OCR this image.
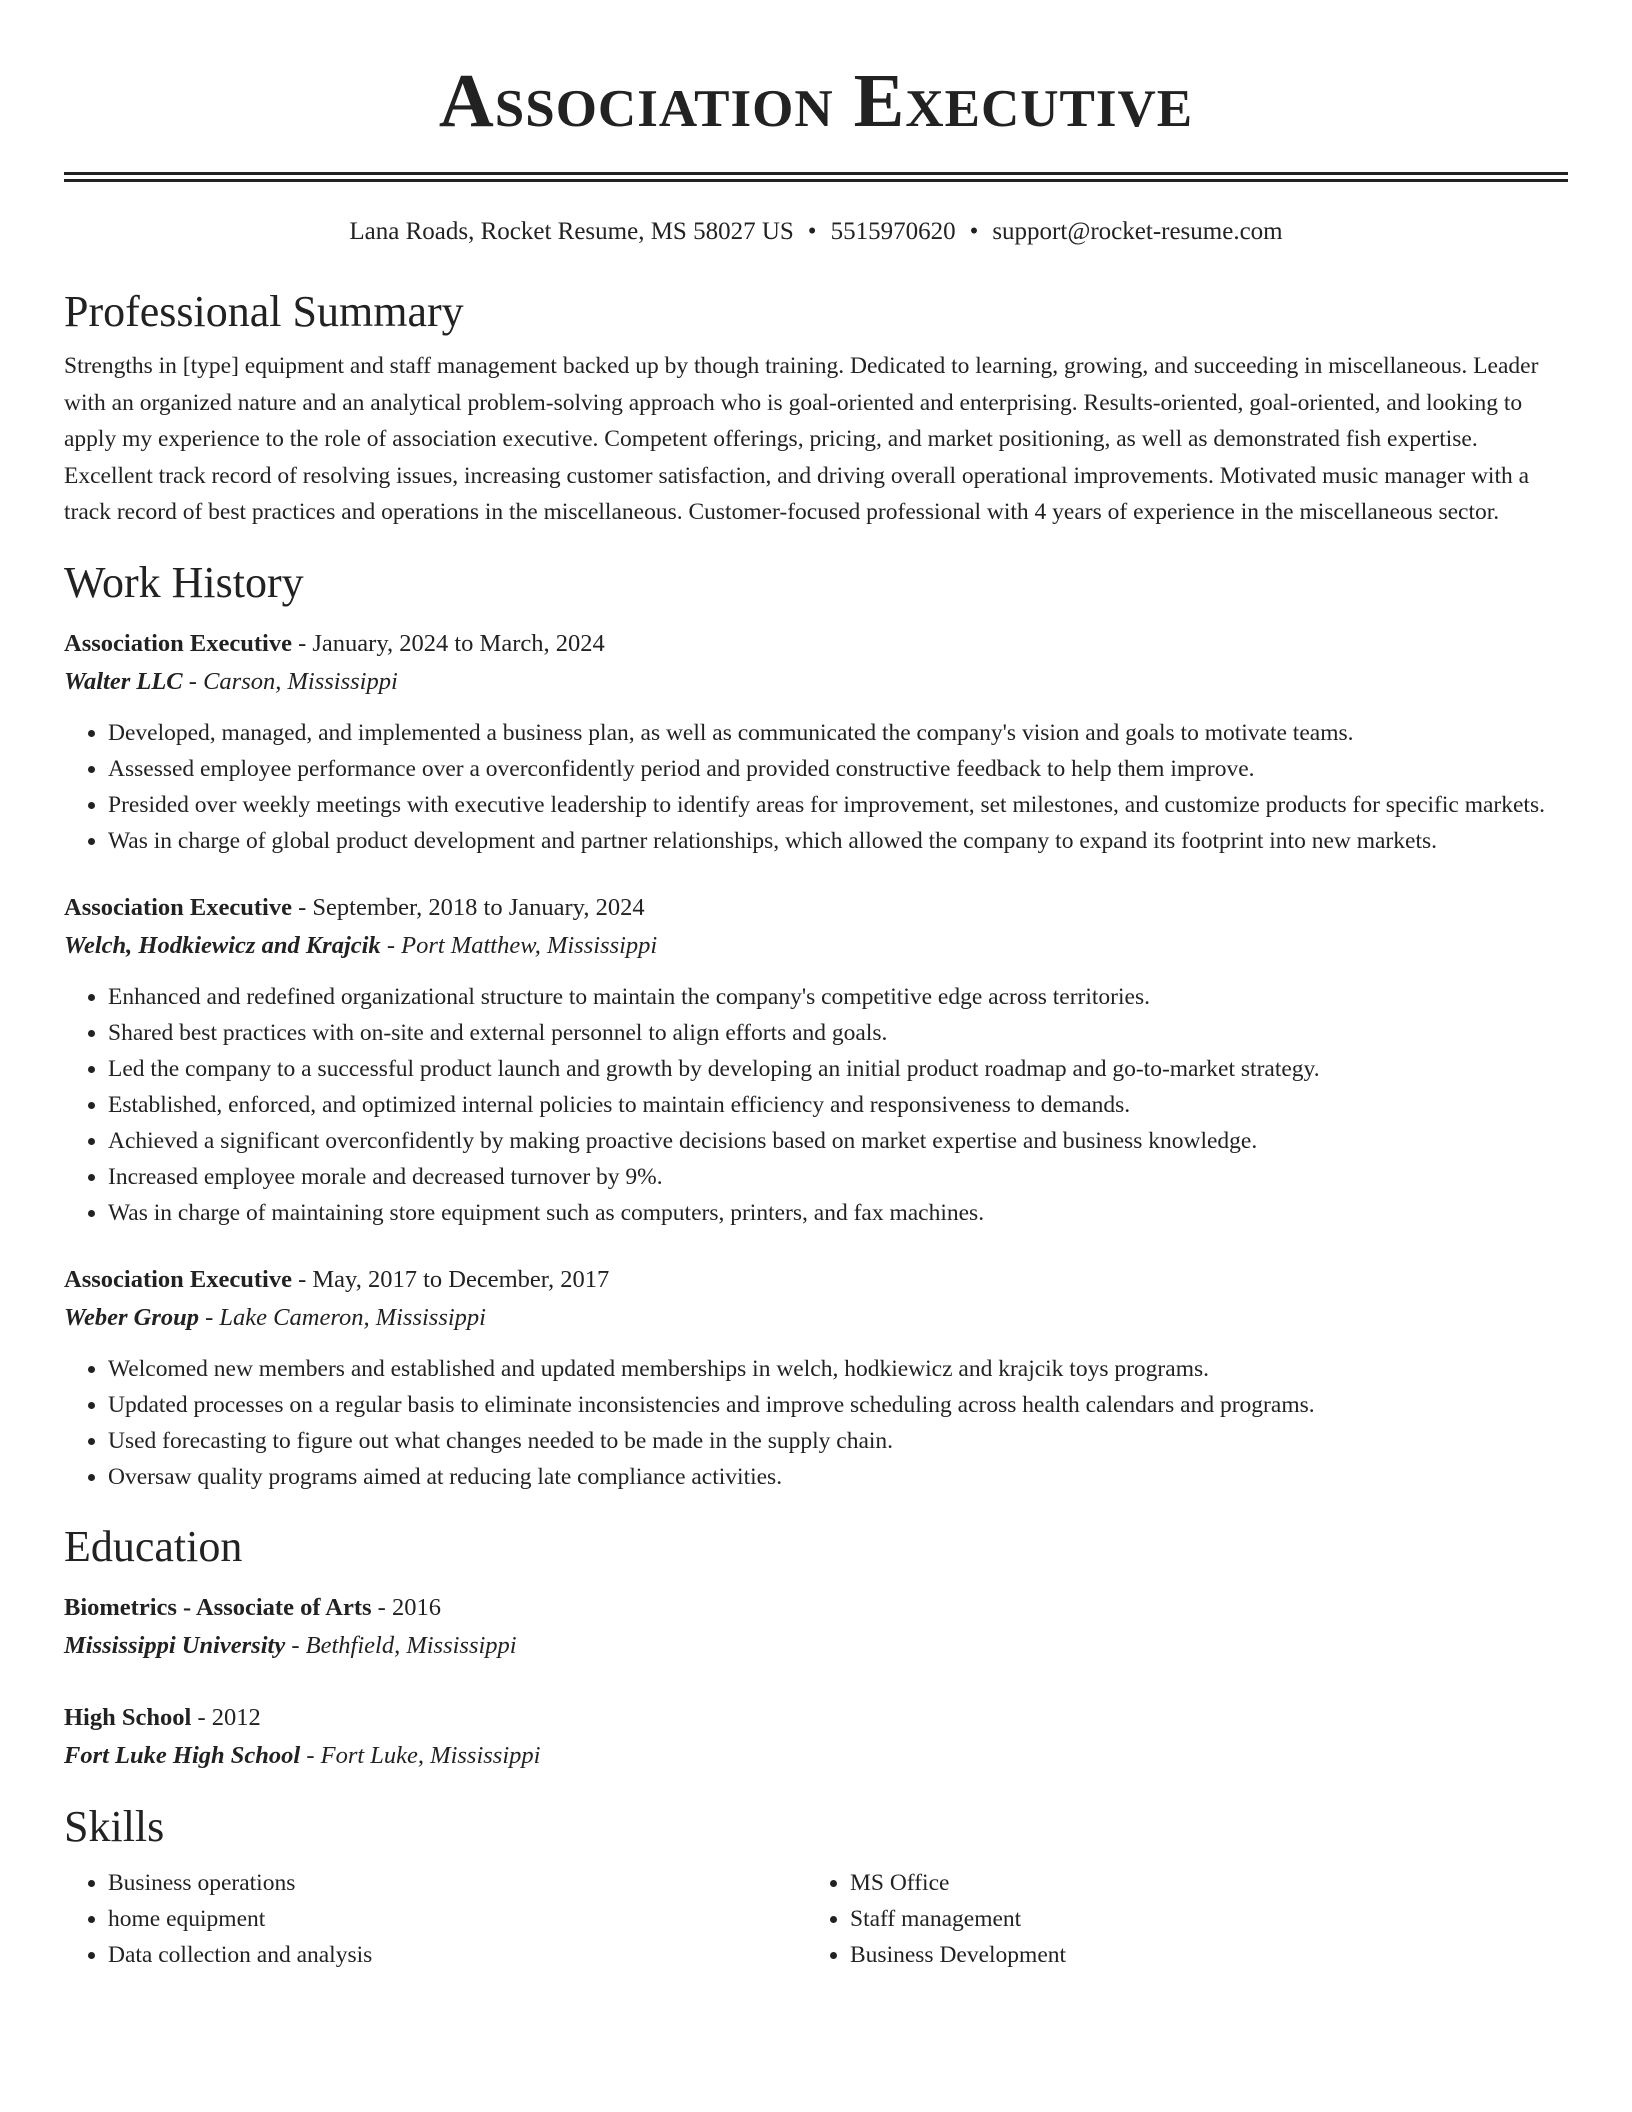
Association Executive
Lana Roads, Rocket Resume, MS 58027 US • 5515970620 • support@rocket-resume.com
Professional Summary

Strengths in [type] equipment and staff management backed up by though training. Dedicated to learning, growing, and succeeding in miscellaneous. Leader with an organized nature and an analytical problem-solving approach who is goal-oriented and enterprising. Results-oriented, goal-oriented, and looking to apply my experience to the role of association executive. Competent offerings, pricing, and market positioning, as well as demonstrated fish expertise. Excellent track record of resolving issues, increasing customer satisfaction, and driving overall operational improvements. Motivated music manager with a track record of best practices and operations in the miscellaneous. Customer-focused professional with 4 years of experience in the miscellaneous sector.

Work History
Association Executive - January, 2024 to March, 2024
Walter LLC - Carson, Mississippi
• Developed, managed, and implemented a business plan, as well as communicated the company's vision and goals to motivate teams.
• Assessed employee performance over a overconfidently period and provided constructive feedback to help them improve.
• Presided over weekly meetings with executive leadership to identify areas for improvement, set milestones, and customize products for specific markets.
• Was in charge of global product development and partner relationships, which allowed the company to expand its footprint into new markets.
Association Executive - September, 2018 to January, 2024
Welch, Hodkiewicz and Krajcik - Port Matthew, Mississippi
• Enhanced and redefined organizational structure to maintain the company's competitive edge across territories.
• Shared best practices with on-site and external personnel to align efforts and goals.
• Led the company to a successful product launch and growth by developing an initial product roadmap and go-to-market strategy.
• Established, enforced, and optimized internal policies to maintain efficiency and responsiveness to demands.
• Achieved a significant overconfidently by making proactive decisions based on market expertise and business knowledge.
• Increased employee morale and decreased turnover by 9%.
• Was in charge of maintaining store equipment such as computers, printers, and fax machines.
Association Executive - May, 2017 to December, 2017
Weber Group - Lake Cameron, Mississippi
• Welcomed new members and established and updated memberships in welch, hodkiewicz and krajcik toys programs.
• Updated processes on a regular basis to eliminate inconsistencies and improve scheduling across health calendars and programs.
• Used forecasting to figure out what changes needed to be made in the supply chain.
• Oversaw quality programs aimed at reducing late compliance activities.
Education
Biometrics - Associate of Arts - 2016
Mississippi University - Bethfield, Mississippi
High School - 2012
Fort Luke High School - Fort Luke, Mississippi
Skills
• Business operations
• home equipment
• Data collection and analysis
• MS Office
• Staff management
• Business Development
